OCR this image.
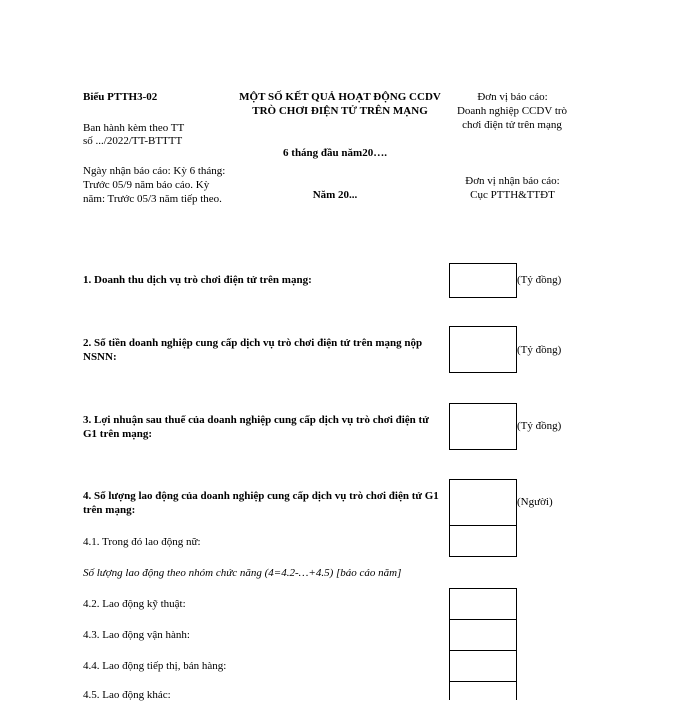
Biểu PTTH3-02
Ban hành kèm theo TT
số .../2022/TT-BTTTT
Ngày nhận báo cáo: Kỳ 6 tháng: Trước 05/9 năm báo cáo. Kỳ năm: Trước 05/3 năm tiếp theo.
MỘT SỐ KẾT QUẢ HOẠT ĐỘNG CCDV
TRÒ CHƠI ĐIỆN TỬ TRÊN MẠNG
6 tháng đầu năm20….
Năm 20...
Đơn vị báo cáo:
Doanh nghiệp CCDV trò chơi điện tử trên mạng
Đơn vị nhận báo cáo:
Cục PTTH&TTĐT
1. Doanh thu dịch vụ trò chơi điện tử trên mạng:	(Tỷ đồng)
2. Số tiền doanh nghiệp cung cấp dịch vụ trò chơi điện tử trên mạng nộp NSNN:
(Tỷ đồng)
3. Lợi nhuận sau thuế của doanh nghiệp cung cấp dịch vụ trò chơi điện tử G1 trên mạng:
(Tỷ đồng)
4. Số lượng lao động của doanh nghiệp cung cấp dịch vụ trò chơi điện tử G1 trên mạng:
(Người)
4.1. Trong đó lao động nữ:
Số lượng lao động theo nhóm chức năng (4=4.2-…+4.5) [báo cáo năm]
4.2. Lao động kỹ thuật:
4.3. Lao động vận hành:
4.4. Lao động tiếp thị, bán hàng:
4.5. Lao động khác:
